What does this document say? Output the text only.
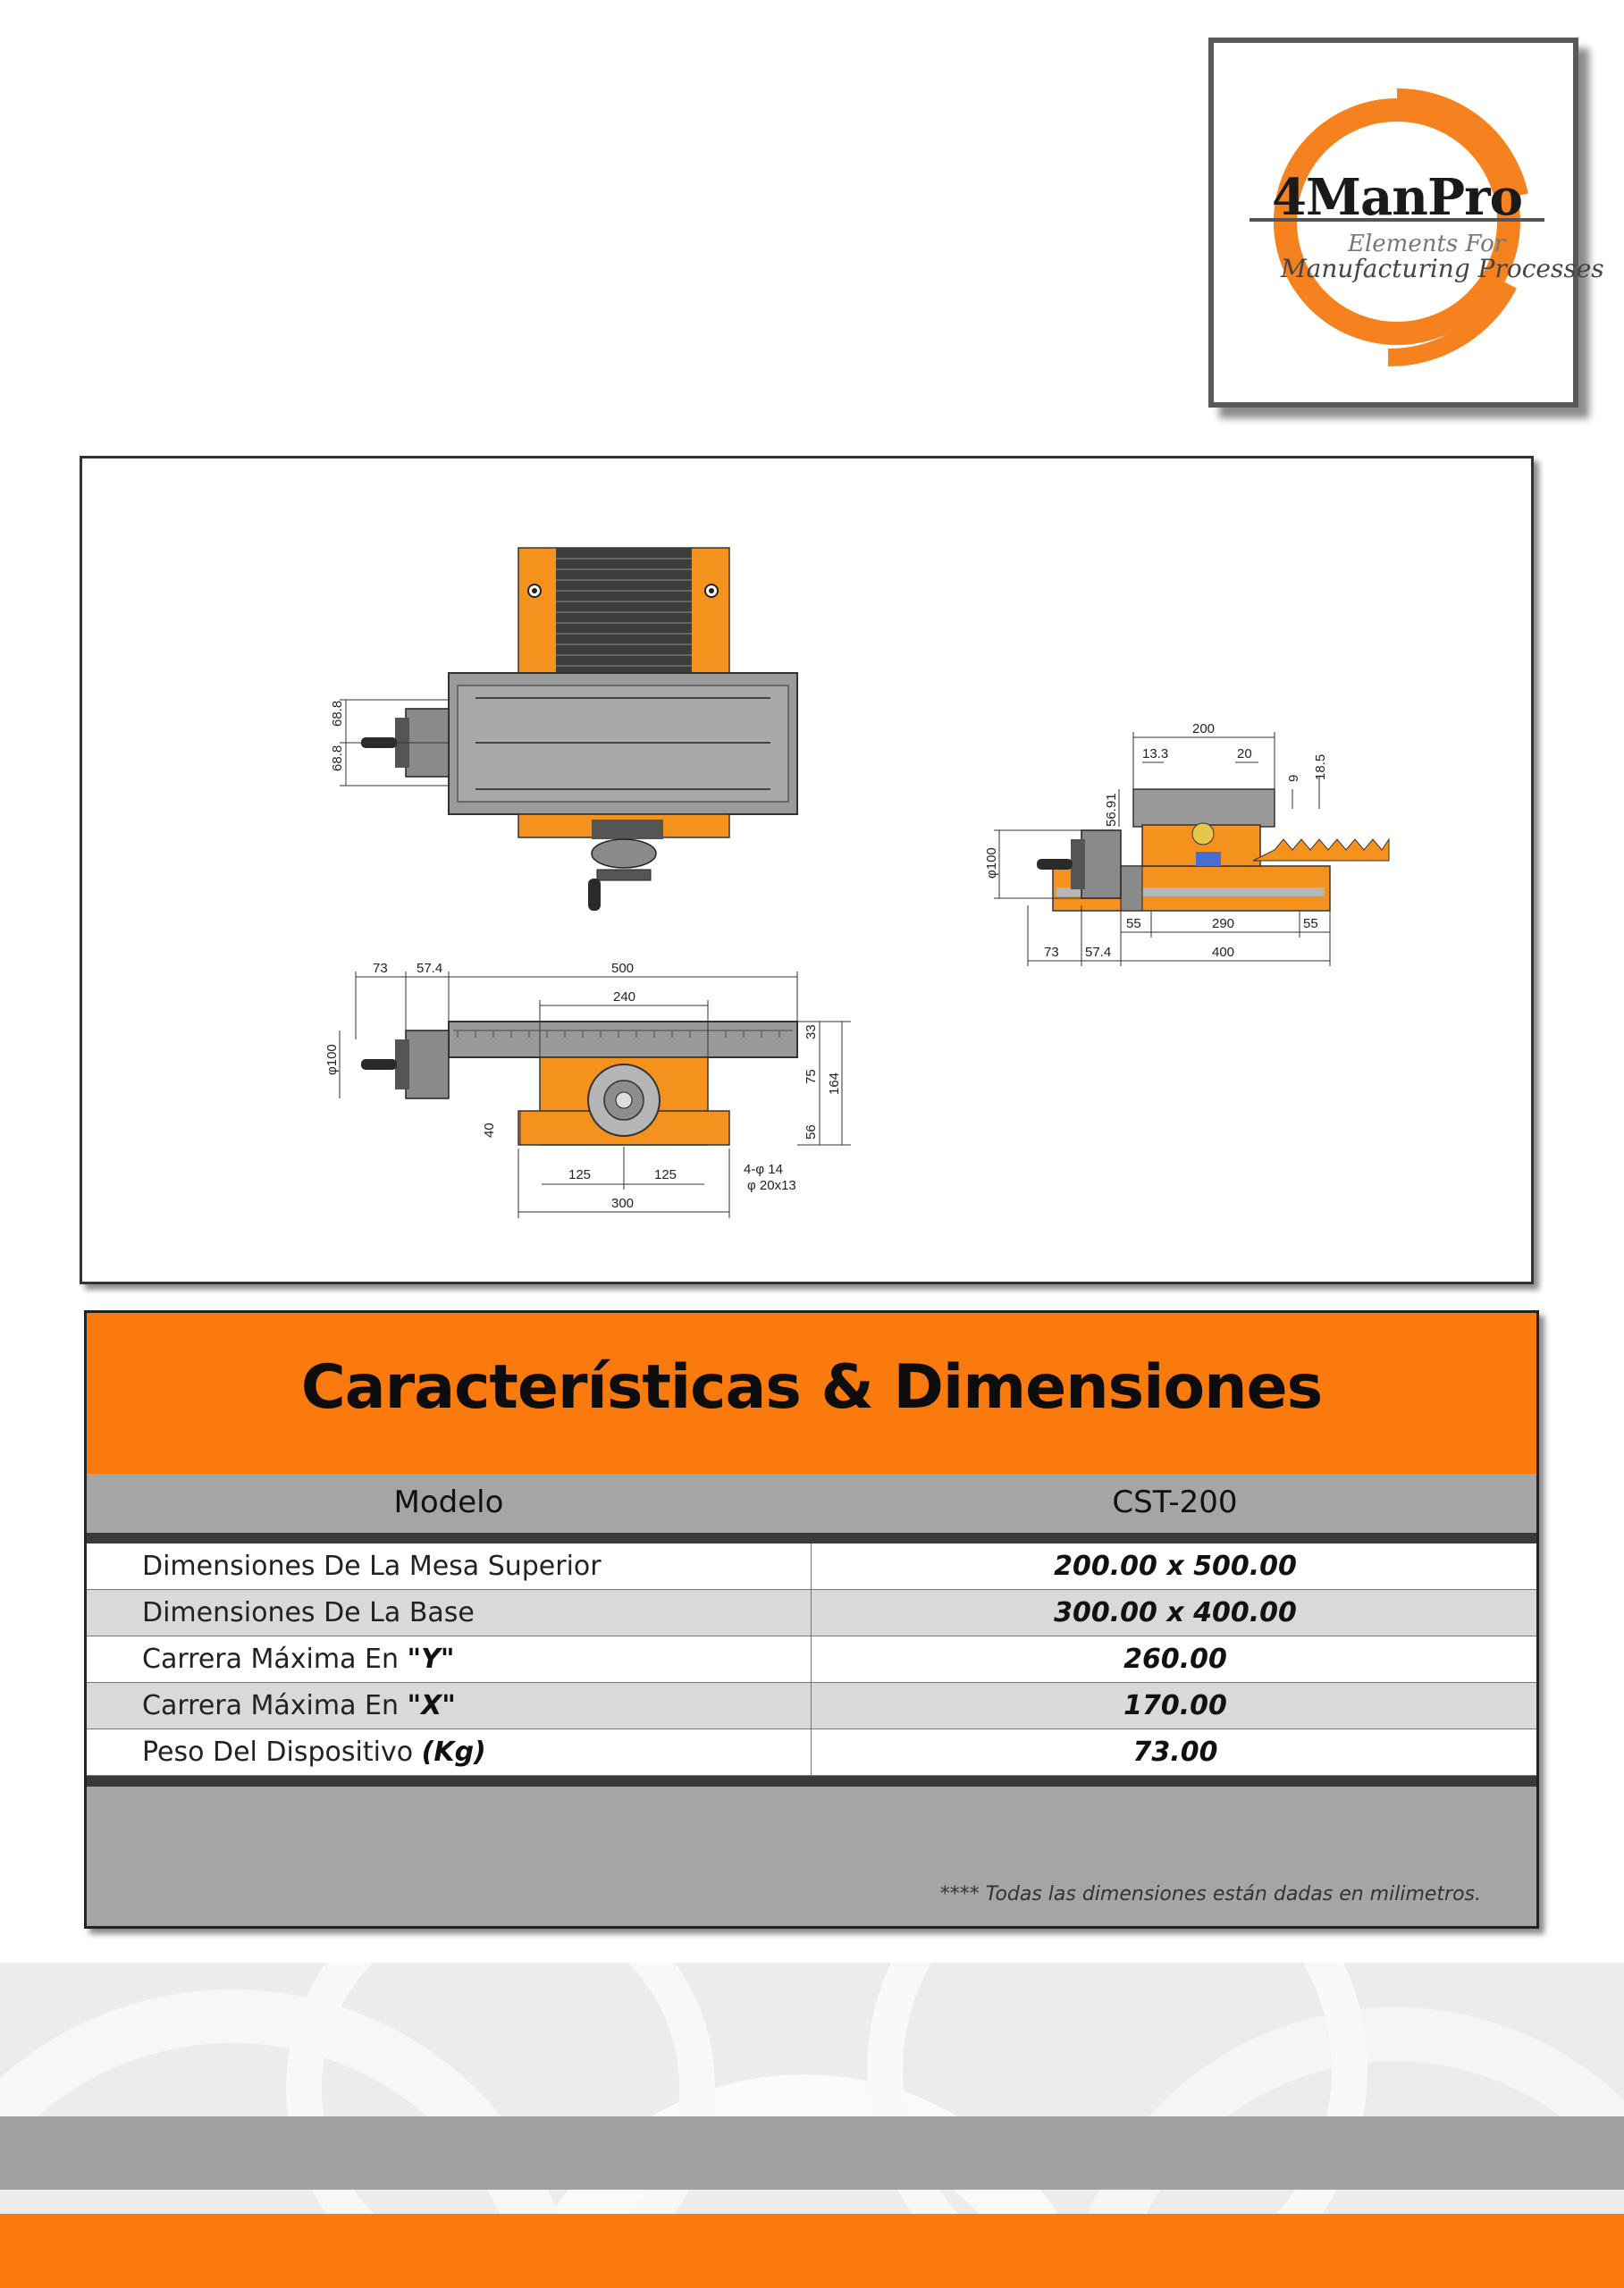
4ManPro
Elements For
Manufacturing Processes
68.8
68.8
73 57.4	500
240
33
75 164
56
40
125	125
300
φ100
4-φ 14
φ 20x13
200
13.3	20
9 18.5
56.91
55	290	55
73 57.4	400
φ100
Características & Dimensiones
Modelo	CST-200
Dimensiones De La Mesa Superior	200.00 x 500.00
Dimensiones De La Base	300.00 x 400.00
Carrera Máxima En "Y"	260.00
Carrera Máxima En "X"	170.00
Peso Del Dispositivo (Kg)	73.00
**** Todas las dimensiones están dadas en milimetros.
